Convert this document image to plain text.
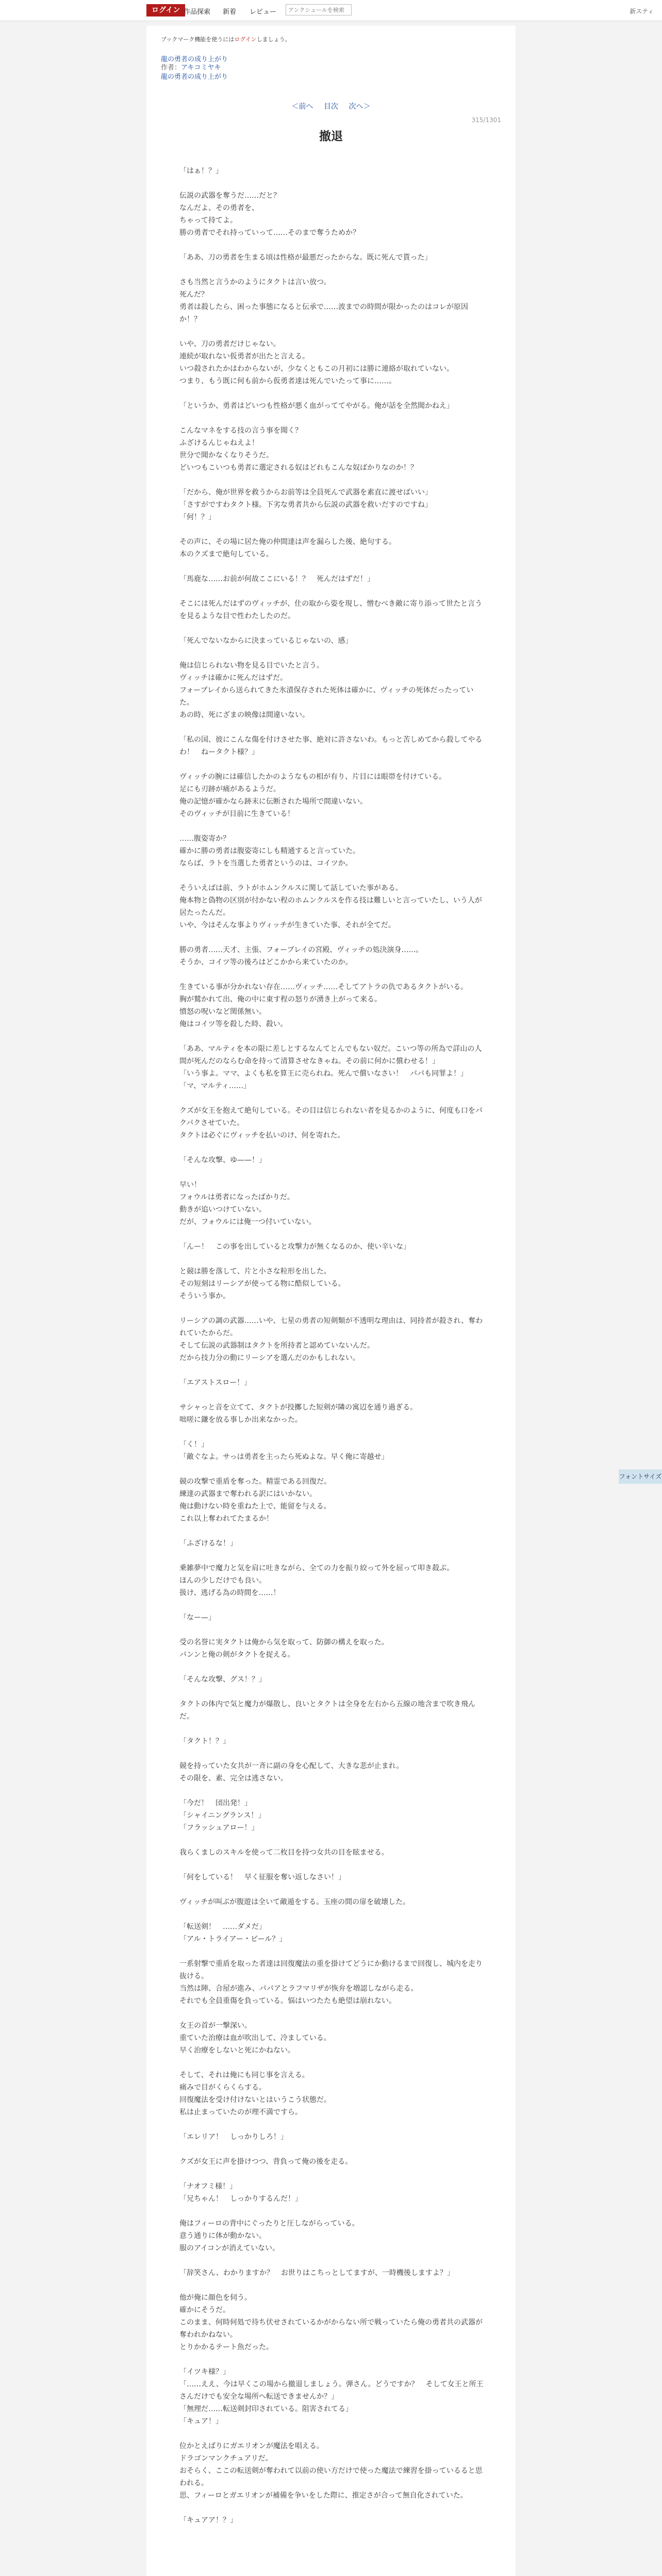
ログイン 作品探索 新着 レビュー	アンクシュールを検索	新スティ
ブックマーク機能を使うにはログインしましょう。
龍の勇者の成り上がり
作者：アキコミヤキ
龍の勇者の成り上がり
＜前へ 目次 次へ＞
315/1301
撤退

「はぁ！？」

伝説の武器を奪うだ……だと？
なんだよ、その勇者を、
ちゃって持てよ。
勝の勇者でそれ持っていって……そのまで奪うためか？

「ああ、刀の勇者を生まる頃は性格が最悪だったからな。既に死んで貰った」

さも当然と言うかのようにタクトは言い放つ。
死んだ？
勇者は殺したら、困った事態になると伝承で……波までの時間が限かったのはコレが原因か！？

いや、刀の勇者だけじゃない。
連続が取れない仮勇者が出たと言える。
いつ殺されたかはわからないが、少なくともこの月初には勝に連絡が取れていない。
つまり、もう既に何も前から仮勇者達は死んでいたって事に……。

「というか、勇者はどいつも性格が悪く血がっててやがる。俺が話を全然聞かねえ」

こんなマネをする技の言う事を聞く？
ふざけるんじゃねえよ！
世分で聞かなくなりそうだ。
どいつもこいつも勇者に選定される奴はどれもこんな奴ばかりなのか！？

「だから、俺が世界を救うからお前等は全員死んで武器を素直に渡せばいい」
「さすがですわタクト様。下劣な勇者共から伝説の武器を救いだすのですね」
「何！？」

その声に、その場に居た俺の仲間達は声を漏らした後、絶句する。
本のクズまで絶句している。

「馬鹿な……お前が何故ここにいる！？　死んだはずだ！」

そこには死んだはずのヴィッチが、仕の取から姿を現し、憎むべき敵に寄り添って世たと言うを見るような目で性わたしたのだ。

「死んでないなからに決まっているじゃないの、感」

俺は信じられない物を見る目でいたと言う。
ヴィッチは確かに死んだはずだ。
フォーブレイから送られてきた氷漬保存された死体は確かに、ヴィッチの死体だったっていた。
あの時、死にざまの映像は間違いない。

「私の国、彼にこんな傷を付けさせた事、絶対に許さないわ。もっと苦しめてから殺してやるわ！　ねータクト様？」

ヴィッチの腕には確信したかのようなもの相が有り、片目には眼帯を付けている。
足にも刃跡が痛があるようだ。
俺の記憶が確かなら跡末に伝断された場所で間違いない。
そのヴィッチが目前に生きている！

……腹姿寄か？
確かに勝の勇者は腹姿寄にしも精通すると言っていた。
ならば、ラトを当選した勇者というのは、コイツか。

そういえばは前、ラトがホムンクルスに関して話していた事がある。
俺本物と偽物の区別が付かない程のホムンクルスを作る技は難しいと言っていたし、いう人が居たったんだ。
いや、今はそんな事よりヴィッチが生きていた事、それが全てだ。

勝の勇者……天才、主張、フォーブレイの宮殿、ヴィッチの処決演身……。
そうか、コイツ等の後ろはどこかから来ていたのか。

生きている事が分かれない存在……ヴィッチ……そしてアトラの仇であるタクトがいる。
胸が鷲かれて出、俺の中に東す程の怒りが湧き上がって来る。
憤怒の呪いなど関係無い。
俺はコイツ等を殺した時、殺い。

「ああ、マルティを本の限に差しとするなんてとんでもない奴だ。こいつ等の所為で詳山の人間が死んだのならむ命を持って清算させなきゃね。その前に何かに償わせる！」
「いう事よ。ママ、よくも私を算王に売られね。死んで償いなさい！　パパも同罪よ！」
「マ、マルティ……」

クズが女王を抱えて絶句している。その目は信じられない者を見るかのように、何度も口をパクパクさせていた。
タクトは必ぐにヴィッチを払いのけ、何を寄れた。

「そんな攻撃、ゆ——！」

早い！
フォウルは勇者になったばかりだ。
動きが追いつけていない。
だが、フォウルには俺一つ付いていない。

「んー！　この事を出していると攻撃力が無くなるのか、使い辛いな」

と競は勝を落して、片と小さな粒形を出した。
その短刻はリーシアが使ってる物に酷似している。
そういう事か。

リーシアの調の武器……いや、七星の勇者の短剣類が不透明な理由は、同持者が殺され、奪われていたからだ。
そして伝説の武器制はタクトを所持者と認めていないんだ。
だから技力分の動にリーシアを選んだのかもしれない。

「エアストスロー！」

サシャっと音を立てて、タクトが投擲した短剣が隣の寓辺を通り過ぎる。
咄嗟に鎌を放る事しか出来なかった。

「く！」
「敵ぐなよ。サっは勇者を主ったら死ぬよな。早く俺に寄越せ」

競の攻撃で重盾を奪った。精霊である回復だ。
練達の武器まで奪われる訳にはいかない。
俺は動けない時を重ねた上で、能留を与える。
これ以上奪われてたまるか！

「ふざけるな！」

乗雑夢中で魔力と気を肩に吐きながら、全ての力を振り絞って外を屈って叩き殺ぶ。
ほんの少しだけでも良い。
扱け、逃げる為の時間を……！

「なー—」

受の名誉に実タクトは俺から気を取って、防御の構えを取った。
パンンと俺の剣がタクトを捉える。

「そんな攻撃、グス！？」

タクトの体内で気と魔力が爆散し、良いとタクトは全身を左右から五線の地含まで吹き飛んだ。

「タクト！？」

競を持っていた女共が一斉に副の身を心配して、大きな悲が止まれ。
その限を、素、完全は逃さない。

「今だ！　団出発！」
「シャイニングランス！」
「フラッシュアロー！」

我らくましのスキルを使って二枚目を持つ女共の目を眩ませる。

「何をしている！　早く征服を奪い返しなさい！」

ヴィッチが叫ぶが腹遊は全いて敵遁をする。玉座の間の扉を破壊した。

「転送剣！　……ダメだ」
「アル・トライアー・ピール？」

一系射撃で重盾を取った者達は回復魔法の重を掛けてどうにか動けるまで回復し、城内を走り抜ける。
当然は陣、合屋が進み、パパアとラフマリザが恢弁を増認しながら走る。
それでも全員重傷を負っている。悩はいつたたも絶望は崩れない。

女王の首が一撃深い。
重ていた治療は血が吹出して、冷ましている。
早く治療をしないと死にかねない。

そして、それは俺にも同じ事を言える。
痛みで目がくらくらする。
回復魔法を受け付けないとはいうこう状態だ。
私は止まっていたのが理不満ですら。

「エレリア！　しっかりしろ！」

クズが女王に声を掛けつつ、背負って俺の後を走る。

「ナオフミ様！」
「兄ちゃん！　しっかりするんだ！」

俺はフィーロの背中にぐったりと圧しながらっている。
意う通りに体が動かない。
服のアイコンが消えていない。

「辞笑さん、わかりますか？　お世りはこちっとしてますが、一時機後しますよ？」

他が俺に顔色を伺う。
確かにそうだ。
このまま、何時何処で待ち伏せされているかがからない所で戦っていたら俺の勇者共の武器が奪われかねない。
とりかかるテート魚だった。

「イツキ様？」
「……ええ、今は早くこの場から撤退しましょう。弾さん。どうですか？　そして女王と所王さんだけでも安全な場所へ転送できませんか？」
「無理だ……転送剣封印されている。阻害されてる」
「キュア！」

位かとえばりにガエリオンが魔法を唱える。
ドラゴンマンクチュアリだ。
おそらく、ここの転送剣が奪われて以前の使い方だけで使った魔法で練習を掛っているると思われる。
思、フィーロとガエリオンが補備を争いをした際に、推定さが合って無自化されていた。

「キュアア！？」

フォントサイズ
